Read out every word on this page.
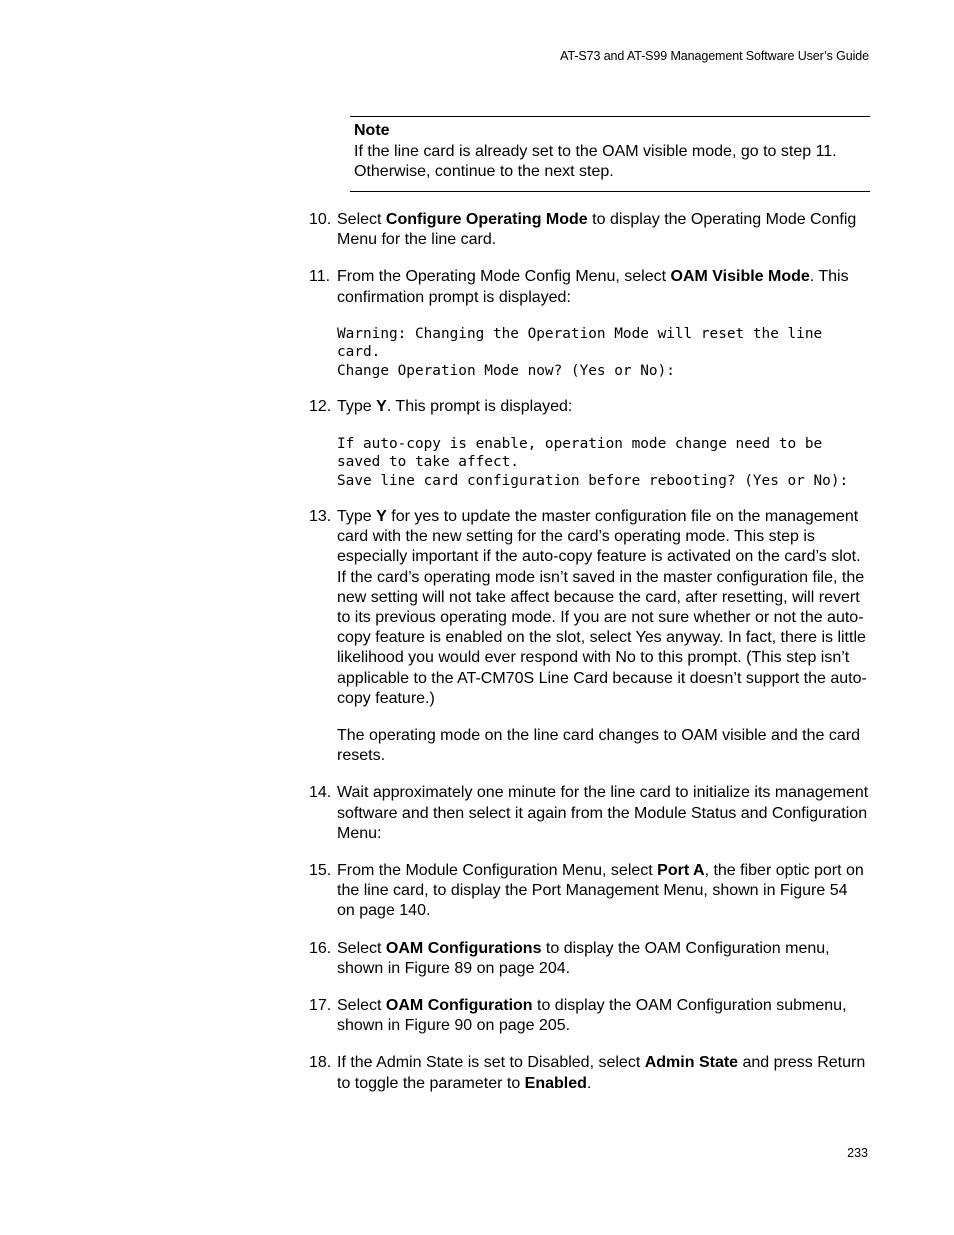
AT-S73 and AT-S99 Management Software User’s Guide
Note
If the line card is already set to the OAM visible mode, go to step 11. Otherwise, continue to the next step.
10. Select Configure Operating Mode to display the Operating Mode Config Menu for the line card.

11. From the Operating Mode Config Menu, select OAM Visible Mode. This confirmation prompt is displayed:

Warning: Changing the Operation Mode will reset the line card.
Change Operation Mode now? (Yes or No):
12. Type Y. This prompt is displayed:

If auto-copy is enable, operation mode change need to be saved to take affect.
Save line card configuration before rebooting? (Yes or No):
13. Type Y for yes to update the master configuration file on the management card with the new setting for the card’s operating mode. This step is especially important if the auto-copy feature is activated on the card’s slot. If the card’s operating mode isn’t saved in the master configuration file, the new setting will not take affect because the card, after resetting, will revert to its previous operating mode. If you are not sure whether or not the auto-copy feature is enabled on the slot, select Yes anyway. In fact, there is little likelihood you would ever respond with No to this prompt. (This step isn’t applicable to the AT-CM70S Line Card because it doesn’t support the auto-copy feature.)

The operating mode on the line card changes to OAM visible and the card resets.

14. Wait approximately one minute for the line card to initialize its management software and then select it again from the Module Status and Configuration Menu:

15. From the Module Configuration Menu, select Port A, the fiber optic port on the line card, to display the Port Management Menu, shown in Figure 54 on page 140.

16. Select OAM Configurations to display the OAM Configuration menu, shown in Figure 89 on page 204.

17. Select OAM Configuration to display the OAM Configuration submenu, shown in Figure 90 on page 205.

18. If the Admin State is set to Disabled, select Admin State and press Return to toggle the parameter to Enabled.

233
